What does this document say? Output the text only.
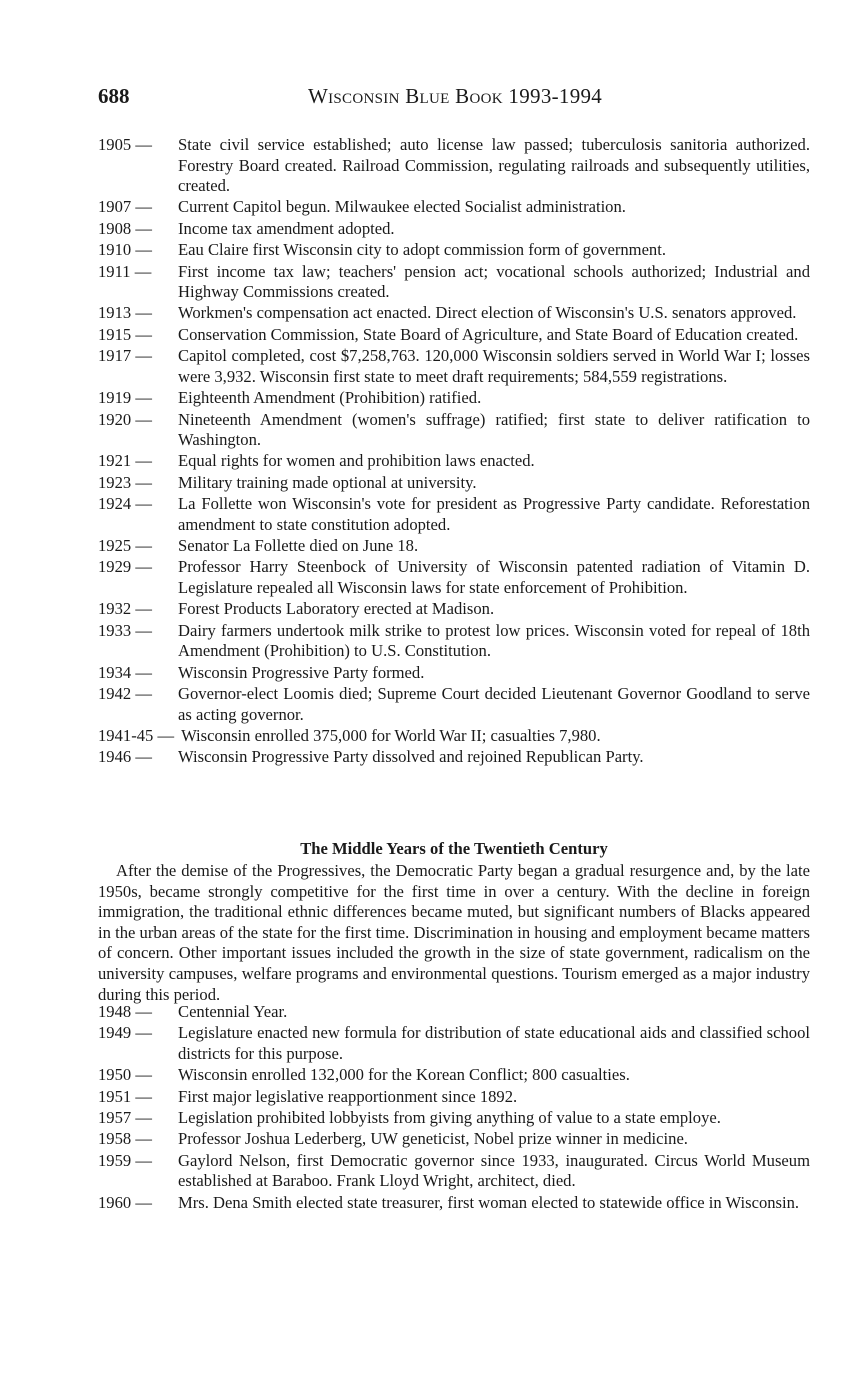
688	Wisconsin Blue Book 1993-1994
1905 —	State civil service established; auto license law passed; tuberculosis sanitoria authorized. Forestry Board created. Railroad Commission, regulating railroads and subsequently utilities, created.
1907 —	Current Capitol begun. Milwaukee elected Socialist administration.
1908 —	Income tax amendment adopted.
1910 —	Eau Claire first Wisconsin city to adopt commission form of government.
1911 —	First income tax law; teachers' pension act; vocational schools authorized; Industrial and Highway Commissions created.
1913 —	Workmen's compensation act enacted. Direct election of Wisconsin's U.S. senators approved.
1915 —	Conservation Commission, State Board of Agriculture, and State Board of Education created.
1917 —	Capitol completed, cost $7,258,763. 120,000 Wisconsin soldiers served in World War I; losses were 3,932. Wisconsin first state to meet draft requirements; 584,559 registrations.
1919 —	Eighteenth Amendment (Prohibition) ratified.
1920 —	Nineteenth Amendment (women's suffrage) ratified; first state to deliver ratification to Washington.
1921 —	Equal rights for women and prohibition laws enacted.
1923 —	Military training made optional at university.
1924 —	La Follette won Wisconsin's vote for president as Progressive Party candidate. Reforestation amendment to state constitution adopted.
1925 —	Senator La Follette died on June 18.
1929 —	Professor Harry Steenbock of University of Wisconsin patented radiation of Vitamin D. Legislature repealed all Wisconsin laws for state enforcement of Prohibition.
1932 —	Forest Products Laboratory erected at Madison.
1933 —	Dairy farmers undertook milk strike to protest low prices. Wisconsin voted for repeal of 18th Amendment (Prohibition) to U.S. Constitution.
1934 —	Wisconsin Progressive Party formed.
1942 —	Governor-elect Loomis died; Supreme Court decided Lieutenant Governor Goodland to serve as acting governor.
1941-45 — Wisconsin enrolled 375,000 for World War II; casualties 7,980.
1946 —	Wisconsin Progressive Party dissolved and rejoined Republican Party.
The Middle Years of the Twentieth Century

After the demise of the Progressives, the Democratic Party began a gradual resurgence and, by the late 1950s, became strongly competitive for the first time in over a century. With the decline in foreign immigration, the traditional ethnic differences became muted, but significant numbers of Blacks appeared in the urban areas of the state for the first time. Discrimination in housing and employment became matters of concern. Other important issues included the growth in the size of state government, radicalism on the university campuses, welfare programs and environmental questions. Tourism emerged as a major industry during this period.

1948 —	Centennial Year.
1949 —	Legislature enacted new formula for distribution of state educational aids and classified school districts for this purpose.
1950 —	Wisconsin enrolled 132,000 for the Korean Conflict; 800 casualties.
1951 —	First major legislative reapportionment since 1892.
1957 —	Legislation prohibited lobbyists from giving anything of value to a state employe.
1958 —	Professor Joshua Lederberg, UW geneticist, Nobel prize winner in medicine.
1959 —	Gaylord Nelson, first Democratic governor since 1933, inaugurated. Circus World Museum established at Baraboo. Frank Lloyd Wright, architect, died.
1960 —	Mrs. Dena Smith elected state treasurer, first woman elected to statewide office in Wisconsin.
